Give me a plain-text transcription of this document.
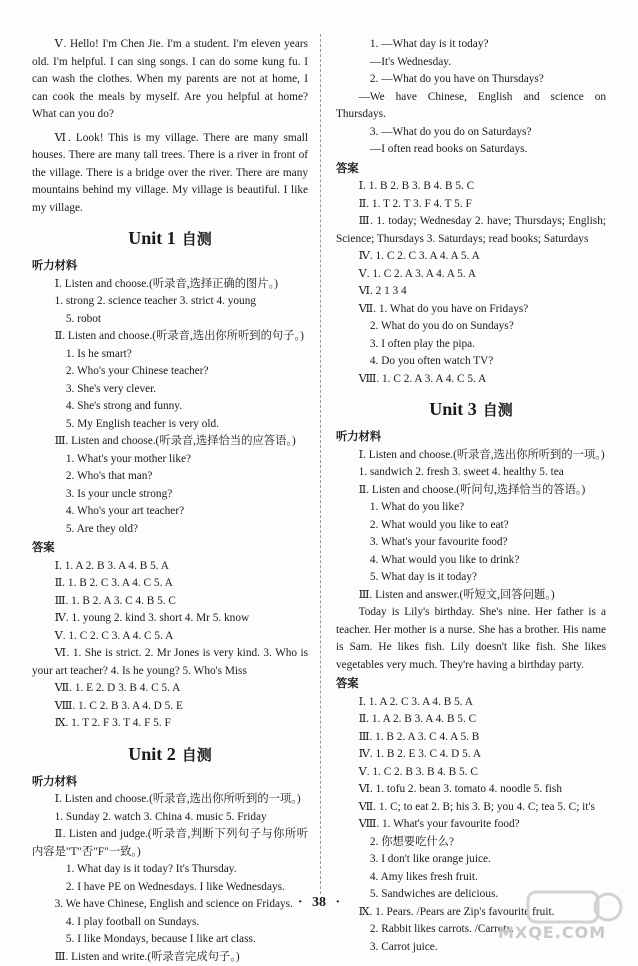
Ⅴ. Hello! I'm Chen Jie. I'm a student. I'm eleven years old. I'm helpful. I can sing songs. I can do some kung fu. I can wash the clothes. When my parents are not at home, I can cook the meals by myself. Are you helpful at home? What can you do?

Ⅵ. Look! This is my village. There are many small houses. There are many tall trees. There is a river in front of the village. There is a bridge over the river. There are many mountains behind my village. My village is beautiful. I like my village.

Unit 1 自测

听力材料

Ⅰ. Listen and choose.(听录音,选择正确的图片。)

1. strong 2. science teacher 3. strict 4. young

5. robot

Ⅱ. Listen and choose.(听录音,选出你所听到的句子。)

1. Is he smart?

2. Who's your Chinese teacher?

3. She's very clever.

4. She's strong and funny.

5. My English teacher is very old.

Ⅲ. Listen and choose.(听录音,选择恰当的应答语。)

1. What's your mother like?

2. Who's that man?

3. Is your uncle strong?

4. Who's your art teacher?

5. Are they old?

答案

Ⅰ. 1. A 2. B 3. A 4. B 5. A

Ⅱ. 1. B 2. C 3. A 4. C 5. A

Ⅲ. 1. B 2. A 3. C 4. B 5. C

Ⅳ. 1. young 2. kind 3. short 4. Mr 5. know

Ⅴ. 1. C 2. C 3. A 4. C 5. A

Ⅵ. 1. She is strict. 2. Mr Jones is very kind. 3. Who is your art teacher? 4. Is he young? 5. Who's Miss

Ⅶ. 1. E 2. D 3. B 4. C 5. A

Ⅷ. 1. C 2. B 3. A 4. D 5. E

Ⅸ. 1. T 2. F 3. T 4. F 5. F

Unit 2 自测

听力材料

Ⅰ. Listen and choose.(听录音,选出你所听到的一项。)

1. Sunday 2. watch 3. China 4. music 5. Friday

Ⅱ. Listen and judge.(听录音,判断下列句子与你所听内容是"T"否"F"一致。)

1. What day is it today? It's Thursday.

2. I have PE on Wednesdays. I like Wednesdays.

3. We have Chinese, English and science on Fridays.

4. I play football on Sundays.

5. I like Mondays, because I like art class.

Ⅲ. Listen and write.(听录音完成句子。)

1. —What day is it today?

—It's Wednesday.

2. —What do you have on Thursdays?

—We have Chinese, English and science on Thursdays.

3. —What do you do on Saturdays?

—I often read books on Saturdays.

答案

Ⅰ. 1. B 2. B 3. B 4. B 5. C

Ⅱ. 1. T 2. T 3. F 4. T 5. F

Ⅲ. 1. today; Wednesday 2. have; Thursdays; English; Science; Thursdays 3. Saturdays; read books; Saturdays

Ⅳ. 1. C 2. C 3. A 4. A 5. A

Ⅴ. 1. C 2. A 3. A 4. A 5. A

Ⅵ. 2 1 3 4

Ⅶ. 1. What do you have on Fridays?

2. What do you do on Sundays?

3. I often play the pipa.

4. Do you often watch TV?

Ⅷ. 1. C 2. A 3. A 4. C 5. A

Unit 3 自测

听力材料

Ⅰ. Listen and choose.(听录音,选出你所听到的一项。)

1. sandwich 2. fresh 3. sweet 4. healthy 5. tea

Ⅱ. Listen and choose.(听问句,选择恰当的答语。)

1. What do you like?

2. What would you like to eat?

3. What's your favourite food?

4. What would you like to drink?

5. What day is it today?

Ⅲ. Listen and answer.(听短文,回答问题。)

Today is Lily's birthday. She's nine. Her father is a teacher. Her mother is a nurse. She has a brother. His name is Sam. He likes fish. Lily doesn't like fish. She likes vegetables very much. They're having a birthday party.

答案

Ⅰ. 1. A 2. C 3. A 4. B 5. A

Ⅱ. 1. A 2. B 3. A 4. B 5. C

Ⅲ. 1. B 2. A 3. C 4. A 5. B

Ⅳ. 1. B 2. E 3. C 4. D 5. A

Ⅴ. 1. C 2. B 3. B 4. B 5. C

Ⅵ. 1. tofu 2. bean 3. tomato 4. noodle 5. fish

Ⅶ. 1. C; to eat 2. B; his 3. B; you 4. C; tea 5. C; it's

Ⅷ. 1. What's your favourite food?

2. 你想要吃什么?

3. I don't like orange juice.

4. Amy likes fresh fruit.

5. Sandwiches are delicious.

Ⅸ. 1. Pears. /Pears are Zip's favourite fruit.

2. Rabbit likes carrots. /Carrots.

3. Carrot juice.

· 38 ·
MXQE.COM
